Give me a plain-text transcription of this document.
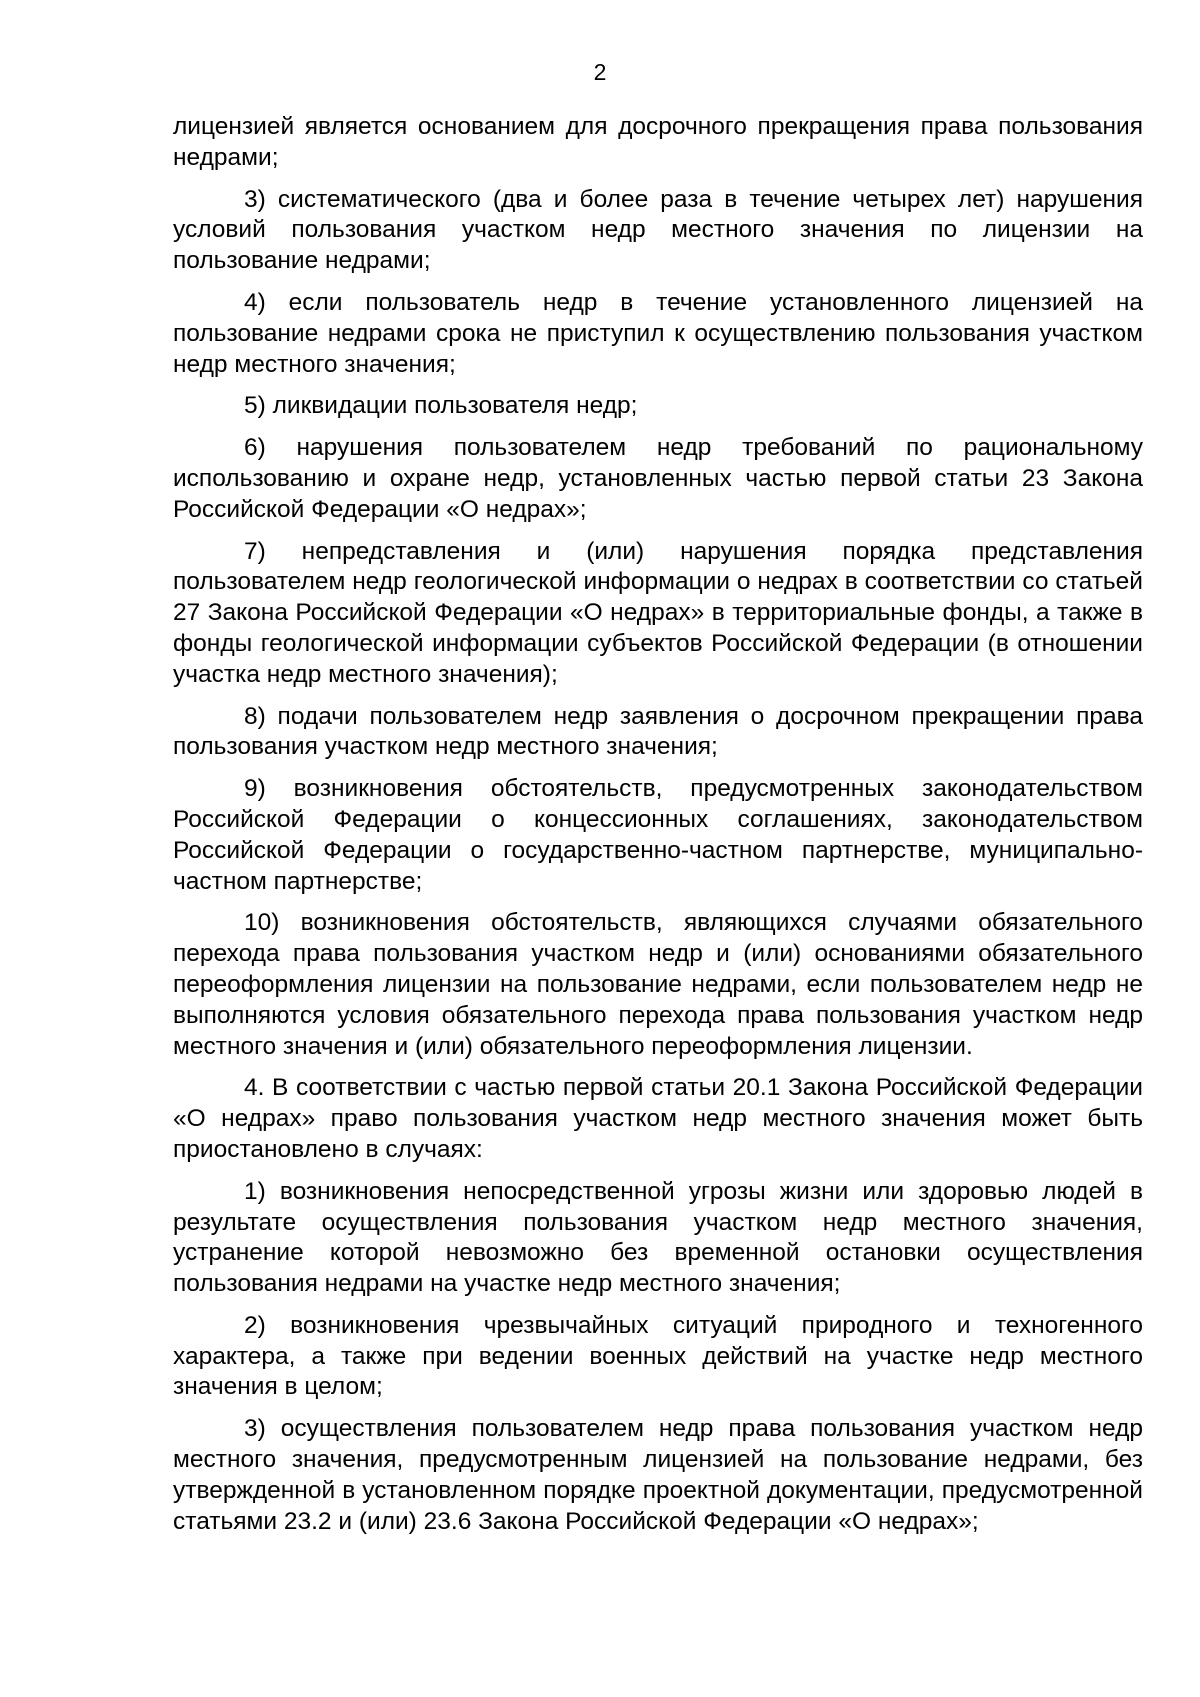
2

лицензией является основанием для досрочного прекращения права пользования недрами;

3) систематического (два и более раза в течение четырех лет) нарушения условий пользования участком недр местного значения по лицензии на пользование недрами;

4) если пользователь недр в течение установленного лицензией на пользование недрами срока не приступил к осуществлению пользования участком недр местного значения;

5) ликвидации пользователя недр;

6) нарушения пользователем недр требований по рациональному использованию и охране недр, установленных частью первой статьи 23 Закона Российской Федерации «О недрах»;

7) непредставления и (или) нарушения порядка представления пользователем недр геологической информации о недрах в соответствии со статьей 27 Закона Российской Федерации «О недрах» в территориальные фонды, а также в фонды геологической информации субъектов Российской Федерации (в отношении участка недр местного значения);

8) подачи пользователем недр заявления о досрочном прекращении права пользования участком недр местного значения;

9) возникновения обстоятельств, предусмотренных законодательством Российской Федерации о концессионных соглашениях, законодательством Российской Федерации о государственно-частном партнерстве, муниципально-частном партнерстве;

10) возникновения обстоятельств, являющихся случаями обязательного перехода права пользования участком недр и (или) основаниями обязательного переоформления лицензии на пользование недрами, если пользователем недр не выполняются условия обязательного перехода права пользования участком недр местного значения и (или) обязательного переоформления лицензии.

4. В соответствии с частью первой статьи 20.1 Закона Российской Федерации «О недрах» право пользования участком недр местного значения может быть приостановлено в случаях:

1) возникновения непосредственной угрозы жизни или здоровью людей в результате осуществления пользования участком недр местного значения, устранение которой невозможно без временной остановки осуществления пользования недрами на участке недр местного значения;

2) возникновения чрезвычайных ситуаций природного и техногенного характера, а также при ведении военных действий на участке недр местного значения в целом;

3) осуществления пользователем недр права пользования участком недр местного значения, предусмотренным лицензией на пользование недрами, без утвержденной в установленном порядке проектной документации, предусмотренной статьями 23.2 и (или) 23.6 Закона Российской Федерации «О недрах»;
